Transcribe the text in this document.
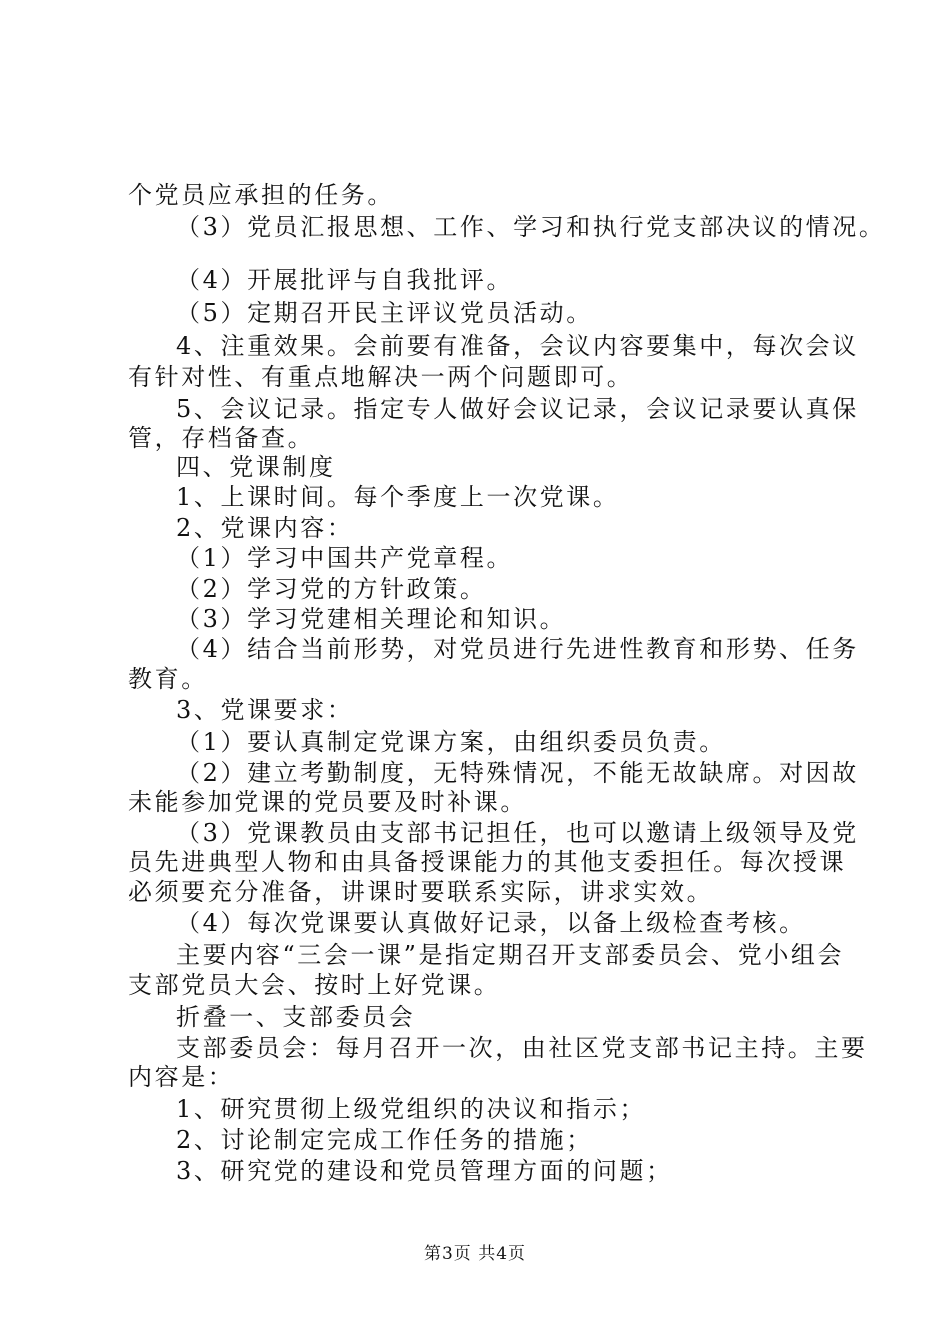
个党员应承担的任务。
（3）党员汇报思想、工作、学习和执行党支部决议的情况。
（4）开展批评与自我批评。
（5）定期召开民主评议党员活动。
4、注重效果。会前要有准备，会议内容要集中，每次会议
有针对性、有重点地解决一两个问题即可。
5、会议记录。指定专人做好会议记录，会议记录要认真保
管，存档备查。
四、党课制度
1、上课时间。每个季度上一次党课。
2、党课内容：
（1）学习中国共产党章程。
（2）学习党的方针政策。
（3）学习党建相关理论和知识。
（4）结合当前形势，对党员进行先进性教育和形势、任务
教育。
3、党课要求：
（1）要认真制定党课方案，由组织委员负责。
（2）建立考勤制度，无特殊情况，不能无故缺席。对因故
未能参加党课的党员要及时补课。
（3）党课教员由支部书记担任，也可以邀请上级领导及党
员先进典型人物和由具备授课能力的其他支委担任。每次授课
必须要充分准备，讲课时要联系实际，讲求实效。
（4）每次党课要认真做好记录，以备上级检查考核。
主要内容“三会一课”是指定期召开支部委员会、党小组会
支部党员大会、按时上好党课。
折叠一、支部委员会
支部委员会：每月召开一次，由社区党支部书记主持。主要
内容是：
1、研究贯彻上级党组织的决议和指示；
2、讨论制定完成工作任务的措施；
3、研究党的建设和党员管理方面的问题；
第3页 共4页
